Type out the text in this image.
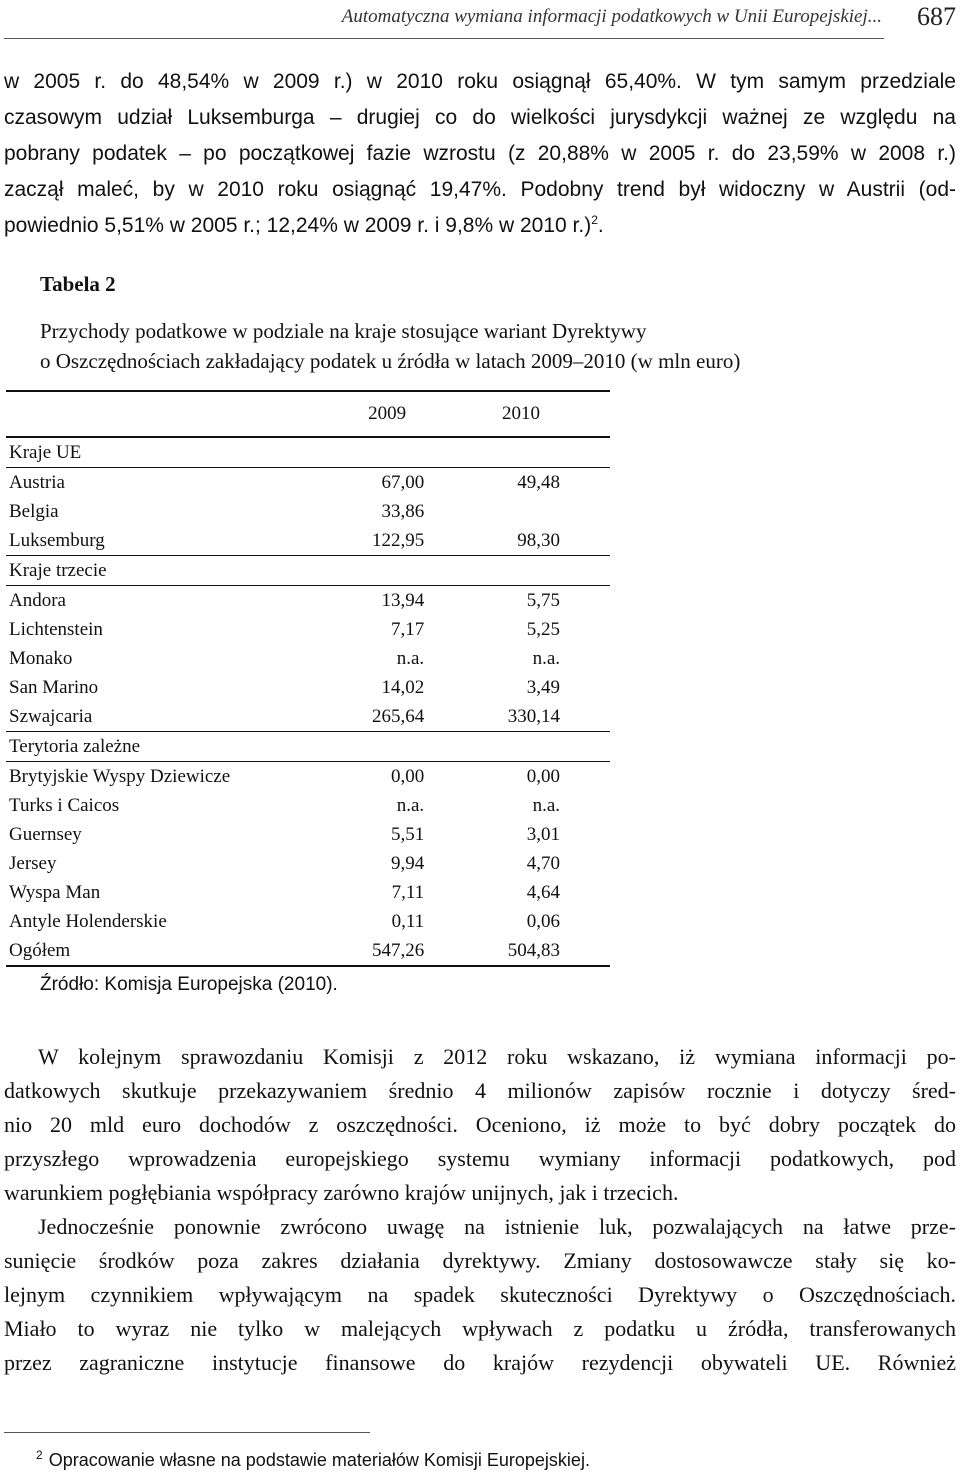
Automatyczna wymiana informacji podatkowych w Unii Europejskiej... 687

w 2005 r. do 48,54% w 2009 r.) w 2010 roku osiągnął 65,40%. W tym samym przedziale
czasowym udział Luksemburga – drugiej co do wielkości jurysdykcji ważnej ze względu na
pobrany podatek – po początkowej fazie wzrostu (z 20,88% w 2005 r. do 23,59% w 2008 r.)
zaczął maleć, by w 2010 roku osiągnąć 19,47%. Podobny trend był widoczny w Austrii (od-
powiednio 5,51% w 2005 r.; 12,24% w 2009 r. i 9,8% w 2010 r.)$^2$.

Tabela 2
Przychody podatkowe w podziale na kraje stosujące wariant Dyrektywy
o Oszczędnościach zakładający podatek u źródła w latach 2009–2010 (w mln euro)
	2009	2010
Kraje UE		
Austria	67,00	49,48
Belgia	33,86	
Luksemburg	122,95	98,30
Kraje trzecie		
Andora	13,94	5,75
Lichtenstein	7,17	5,25
Monako	n.a.	n.a.
San Marino	14,02	3,49
Szwajcaria	265,64	330,14
Terytoria zależne		
Brytyjskie Wyspy Dziewicze	0,00	0,00
Turks i Caicos	n.a.	n.a.
Guernsey	5,51	3,01
Jersey	9,94	4,70
Wyspa Man	7,11	4,64
Antyle Holenderskie	0,11	0,06
Ogółem	547,26	504,83
Źródło: Komisja Europejska (2010).

W kolejnym sprawozdaniu Komisji z 2012 roku wskazano, iż wymiana informacji po-
datkowych skutkuje przekazywaniem średnio 4 milionów zapisów rocznie i dotyczy śred-
nio 20 mld euro dochodów z oszczędności. Oceniono, iż może to być dobry początek do
przyszłego wprowadzenia europejskiego systemu wymiany informacji podatkowych, pod
warunkiem pogłębiania współpracy zarówno krajów unijnych, jak i trzecich.

Jednocześnie ponownie zwrócono uwagę na istnienie luk, pozwalających na łatwe prze-
sunięcie środków poza zakres działania dyrektywy. Zmiany dostosowawcze stały się ko-
lejnym czynnikiem wpływającym na spadek skuteczności Dyrektywy o Oszczędnościach.
Miało to wyraz nie tylko w malejących wpływach z podatku u źródła, transferowanych
przez zagraniczne instytucje finansowe do krajów rezydencji obywateli UE. Również

$^2$ Opracowanie własne na podstawie materiałów Komisji Europejskiej.
